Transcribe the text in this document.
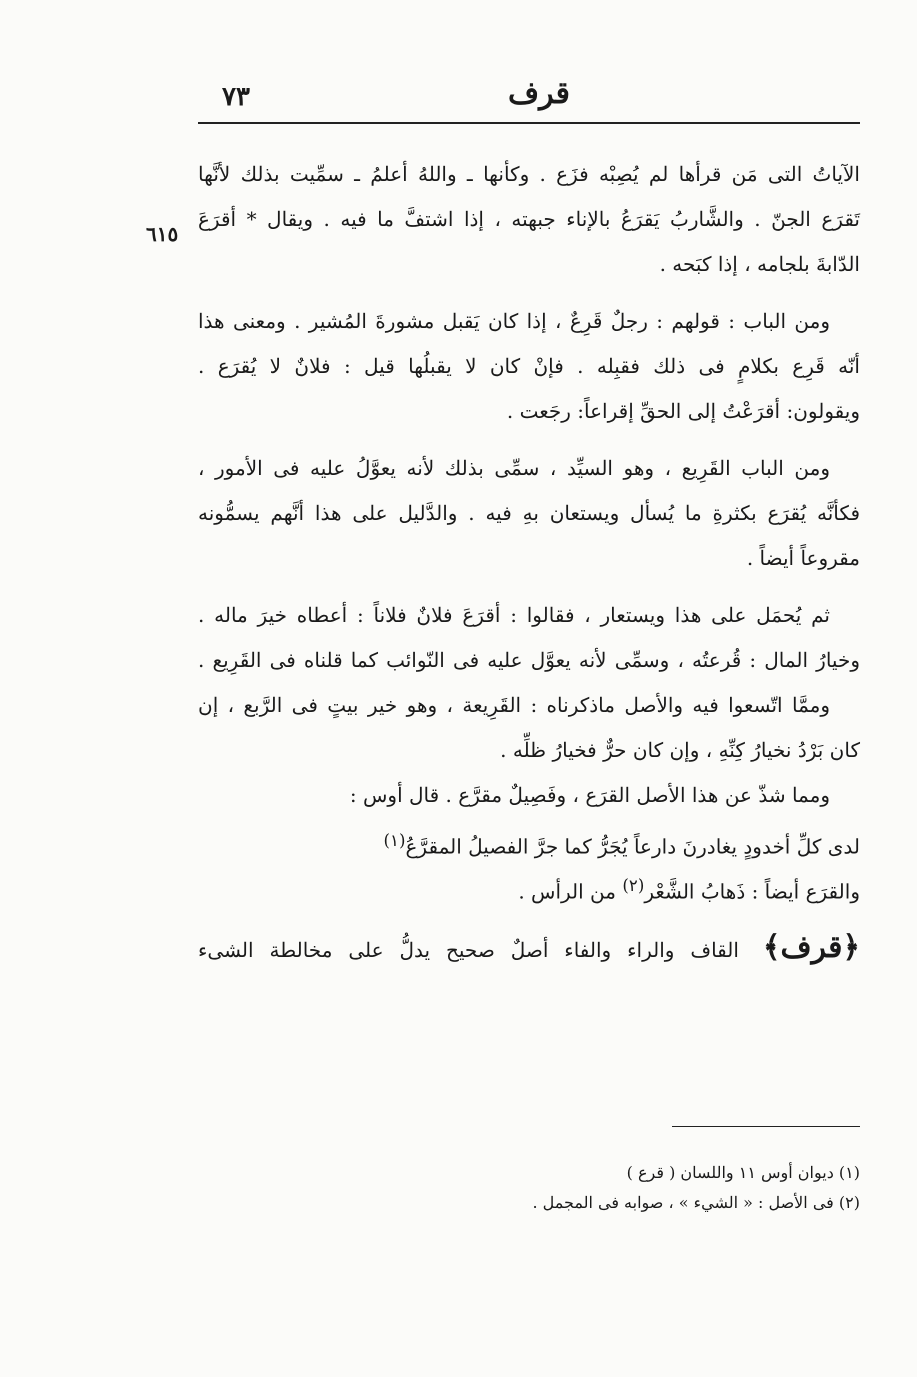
٧٣	قرف
٦١٥
الآياتُ التى مَن قرأها لم يُصِبْه فزَع . وكأنها ـ واللهُ أعلمُ ـ سمِّيت بذلك لأنَّها
تَقرَع الجنّ . والشَّاربُ يَقرَعُ بالإناء جبهته ، إذا اشتفَّ ما فيه . ويقال * أقرَعَ
الدّابةَ بلجامه ، إذا كبَحه .
ومن الباب : قولهم : رجلٌ قَرِعٌ ، إذا كان يَقبل مشورةَ المُشير . ومعنى هذا
أنّه قَرِع بكلامٍ فى ذلك فقبِله . فإنْ كان لا يقبلُها قيل : فلانٌ لا يُقرَع .
ويقولون: أقرَعْتُ إلى الحقِّ إقراعاً: رجَعت .
ومن الباب القَرِيع ، وهو السيِّد ، سمِّى بذلك لأنه يعوَّلُ عليه فى الأمور ،
فكأنَّه يُقرَع بكثرةِ ما يُسأل ويستعان بهِ فيه . والدَّليل على هذا أنَّهم يسمُّونه
مقروعاً أيضاً .
ثم يُحمَل على هذا ويستعار ، فقالوا : أقرَعَ فلانٌ فلاناً : أعطاه خيرَ ماله .
وخيارُ المال : قُرعتُه ، وسمِّى لأنه يعوَّل عليه فى النّوائب كما قلناه فى القَرِيع .
وممَّا اتّسعوا فيه والأصل ماذكرناه : القَرِيعة ، وهو خير بيتٍ فى الرَّبع ، إن
كان بَرْدُ نخيارُ كِنِّهِ ، وإن كان حرٌّ فخيارُ ظلِّه .
ومما شذّ عن هذا الأصل القرَع ، وفَصِيلٌ مقرَّع . قال أوس :
لدى كلِّ أخدودٍ يغادرنَ دارعاً يُجَرُّ كما جرَّ الفصيلُ المقرَّعُ$^{(١)}$
والقرَع أيضاً : ذَهابُ الشَّعْر$^{(٢)}$ من الرأس .
﴿قرف﴾ القاف والراء والفاء أصلٌ صحيح يدلُّ على مخالطة الشىء
(١) ديوان أوس ١١ واللسان ( قرع )
(٢) فى الأصل : « الشيء » ، صوابه فى المجمل .
